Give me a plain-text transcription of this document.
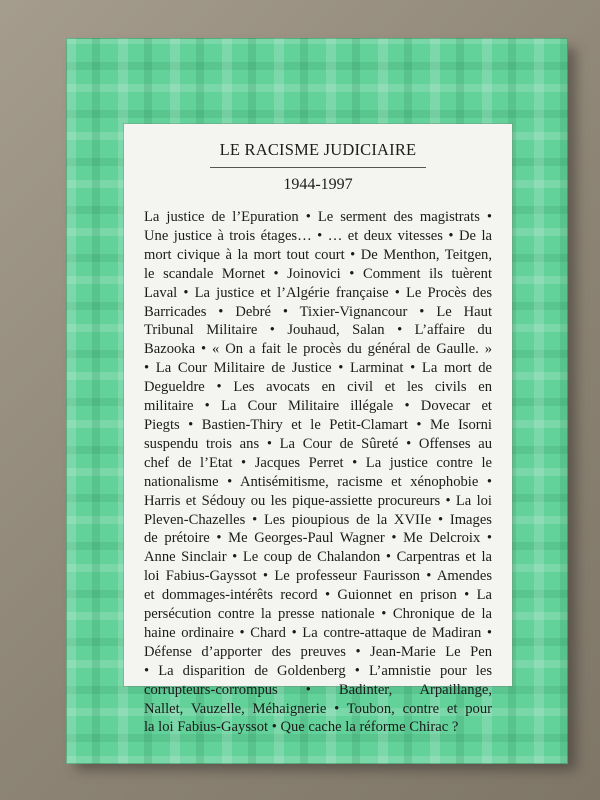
LE RACISME JUDICIAIRE
1944-1997
La justice de l’Epuration • Le serment des magistrats •
Une justice à trois étages… • … et deux vitesses • De la
mort civique à la mort tout court • De Menthon, Teitgen,
le scandale Mornet • Joinovici • Comment ils tuèrent
Laval • La justice et l’Algérie française • Le Procès des
Barricades • Debré • Tixier-Vignancour • Le Haut
Tribunal Militaire • Jouhaud, Salan • L’affaire du
Bazooka • « On a fait le procès du général de Gaulle. »
• La Cour Militaire de Justice • Larminat • La mort de
Degueldre • Les avocats en civil et les civils en
militaire • La Cour Militaire illégale • Dovecar et
Piegts • Bastien-Thiry et le Petit-Clamart • Me Isorni
suspendu trois ans • La Cour de Sûreté • Offenses au
chef de l’Etat • Jacques Perret • La justice contre le
nationalisme • Antisémitisme, racisme et xénophobie •
Harris et Sédouy ou les pique-assiette procureurs • La loi
Pleven-Chazelles • Les pioupious de la XVIIe • Images
de prétoire • Me Georges-Paul Wagner • Me Delcroix •
Anne Sinclair • Le coup de Chalandon • Carpentras et la
loi Fabius-Gayssot • Le professeur Faurisson • Amendes
et dommages-intérêts record • Guionnet en prison • La
persécution contre la presse nationale • Chronique de la
haine ordinaire • Chard • La contre-attaque de Madiran •
Défense d’apporter des preuves • Jean-Marie Le Pen
• La disparition de Goldenberg • L’amnistie pour les
corrupteurs-corrompus • Badinter, Arpaillange,
Nallet, Vauzelle, Méhaignerie • Toubon, contre et pour
la loi Fabius-Gayssot • Que cache la réforme Chirac ?
